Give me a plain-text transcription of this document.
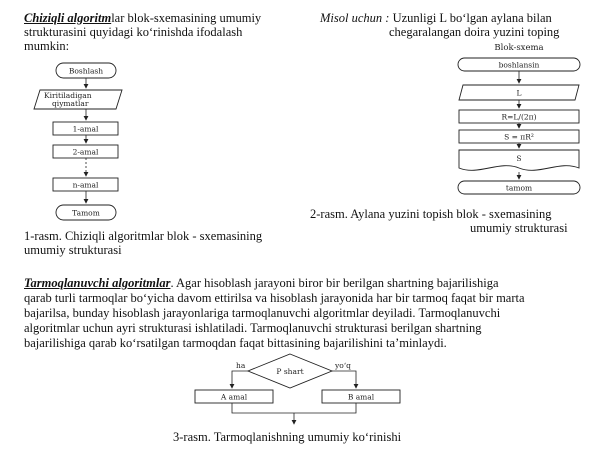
Chiziqli algoritmlar blok-sxemasining umumiy
strukturasini quyidagi ko‘rinishda ifodalash
mumkin:
Misol uchun : Uzunligi L bo‘lgan aylana bilan
chegaralangan doira yuzini toping
Boshlash
Kiritiladigan
qiymatlar
1-amal
2-amal
n-amal
Tamom
Blok-sxema
boshlansin
L
R=L/(2π)
S = πR²
S
tamom
P shart
ha	yo‘q
A amal	B amal
1-rasm. Chiziqli algoritmlar blok - sxemasining
umumiy strukturasi
2-rasm. Aylana yuzini topish blok - sxemasining
umumiy strukturasi
Tarmoqlanuvchi algoritmlar. Agar hisoblash jarayoni biror bir berilgan shartning bajarilishiga
qarab turli tarmoqlar bo‘yicha davom ettirilsa va hisoblash jarayonida har bir tarmoq faqat bir marta
bajarilsa, bunday hisoblash jarayonlariga tarmoqlanuvchi algoritmlar deyiladi. Tarmoqlanuvchi
algoritmlar uchun ayri strukturasi ishlatiladi. Tarmoqlanuvchi strukturasi berilgan shartning
bajarilishiga qarab ko‘rsatilgan tarmoqdan faqat bittasining bajarilishini ta’minlaydi.
3-rasm. Tarmoqlanishning umumiy ko‘rinishi
